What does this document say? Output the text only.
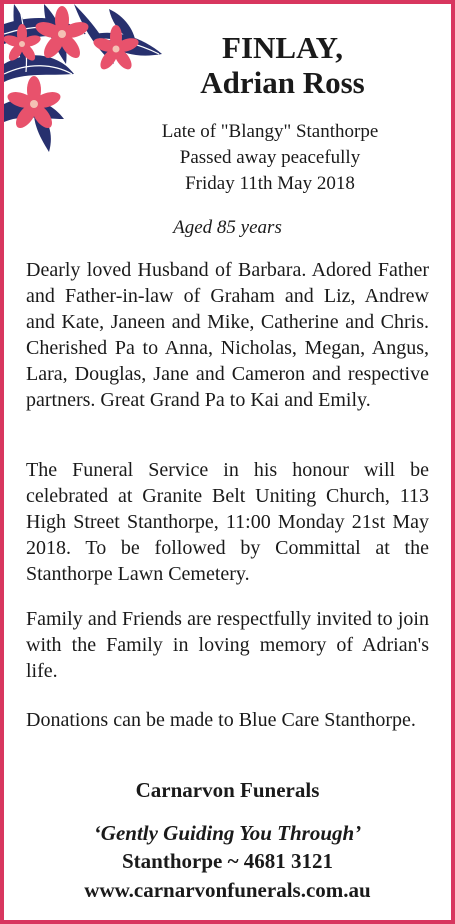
FINLAY,
Adrian Ross
Late of "Blangy" Stanthorpe
Passed away peacefully
Friday 11th May 2018
Aged 85 years
Dearly loved Husband of Barbara. Adored Father and Father-in-law of Graham and Liz, Andrew and Kate, Janeen and Mike, Catherine and Chris. Cherished Pa to Anna, Nicholas, Megan, Angus, Lara, Douglas, Jane and Cameron and respective partners. Great Grand Pa to Kai and Emily.
The Funeral Service in his honour will be celebrated at Granite Belt Uniting Church, 113 High Street Stanthorpe, 11:00 Monday 21st May 2018. To be followed by Committal at the Stanthorpe Lawn Cemetery.
Family and Friends are respectfully invited to join with the Family in loving memory of Adrian's life.
Donations can be made to Blue Care Stanthorpe.
Carnarvon Funerals
‘Gently Guiding You Through’
Stanthorpe ~ 4681 3121
www.carnarvonfunerals.com.au
